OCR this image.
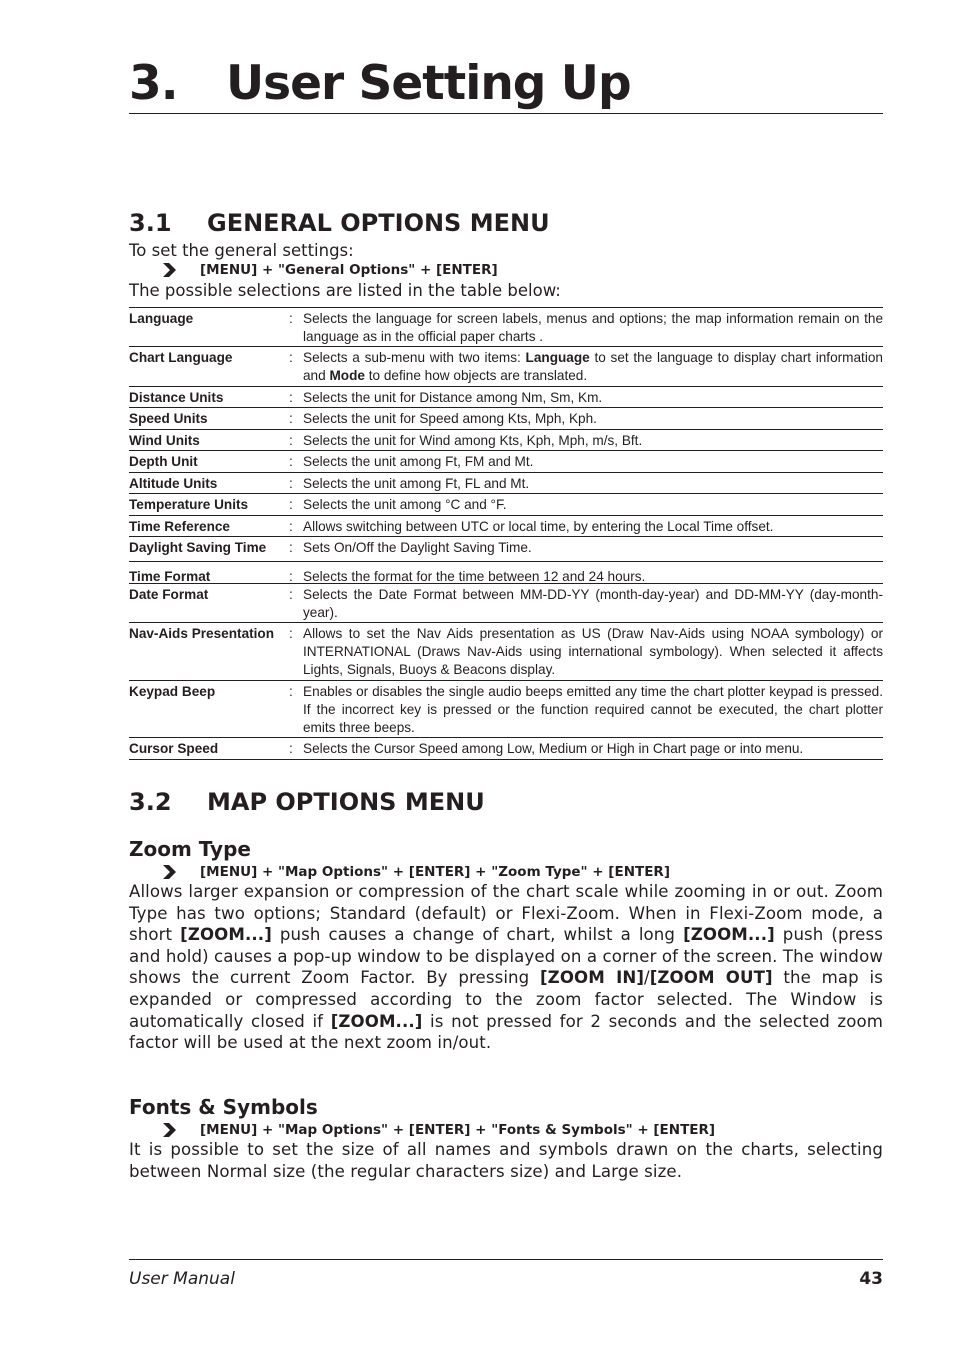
3. User Setting Up
3.1 GENERAL OPTIONS MENU
To set the general settings:
[MENU] + "General Options" + [ENTER]
The possible selections are listed in the table below:
Language	: Selects the language for screen labels, menus and options; the map information remain on the language as in the official paper charts .
Chart Language	: Selects a sub-menu with two items: Language to set the language to display chart information and Mode to define how objects are translated.
Distance Units	: Selects the unit for Distance among Nm, Sm, Km.
Speed Units	: Selects the unit for Speed among Kts, Mph, Kph.
Wind Units	: Selects the unit for Wind among Kts, Kph, Mph, m/s, Bft.
Depth Unit	: Selects the unit among Ft, FM and Mt.
Altitude Units	: Selects the unit among Ft, FL and Mt.
Temperature Units	: Selects the unit among °C and °F.
Time Reference	: Allows switching between UTC or local time, by entering the Local Time offset.
Daylight Saving Time	: Sets On/Off the Daylight Saving Time.
Time Format	: Selects the format for the time between 12 and 24 hours.
Date Format	: Selects the Date Format between MM-DD-YY (month-day-year) and DD-MM-YY (day-month-year).
Nav-Aids Presentation	: Allows to set the Nav Aids presentation as US (Draw Nav-Aids using NOAA symbology) or INTERNATIONAL (Draws Nav-Aids using international symbology). When selected it affects Lights, Signals, Buoys & Beacons display.
Keypad Beep	: Enables or disables the single audio beeps emitted any time the chart plotter keypad is pressed. If the incorrect key is pressed or the function required cannot be executed, the chart plotter emits three beeps.
Cursor Speed	: Selects the Cursor Speed among Low, Medium or High in Chart page or into menu.
3.2 MAP OPTIONS MENU
Zoom Type
[MENU] + "Map Options" + [ENTER] + "Zoom Type" + [ENTER]
Allows larger expansion or compression of the chart scale while zooming in or out. Zoom Type has two options; Standard (default) or Flexi-Zoom. When in Flexi-Zoom mode, a short [ZOOM...] push causes a change of chart, whilst a long [ZOOM...] push (press and hold) causes a pop-up window to be displayed on a corner of the screen. The window shows the current Zoom Factor. By pressing [ZOOM IN]/[ZOOM OUT] the map is expanded or compressed according to the zoom factor selected. The Window is automatically closed if [ZOOM...] is not pressed for 2 seconds and the selected zoom factor will be used at the next zoom in/out.
Fonts & Symbols
[MENU] + "Map Options" + [ENTER] + "Fonts & Symbols" + [ENTER]
It is possible to set the size of all names and symbols drawn on the charts, selecting between Normal size (the regular characters size) and Large size.
User Manual	43
